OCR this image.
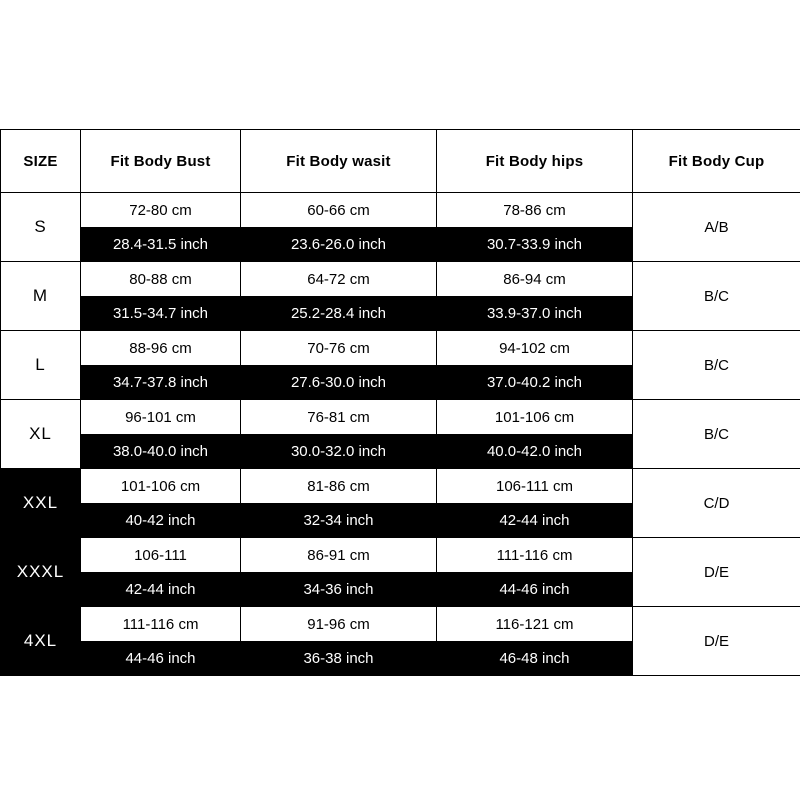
SIZE	Fit Body Bust	Fit Body wasit	Fit Body hips	Fit Body Cup
S	72-80 cm	60-66 cm	78-86 cm	A/B
	28.4-31.5 inch	23.6-26.0 inch	30.7-33.9 inch	
M	80-88 cm	64-72 cm	86-94 cm	B/C
	31.5-34.7 inch	25.2-28.4 inch	33.9-37.0 inch	
L	88-96 cm	70-76 cm	94-102 cm	B/C
	34.7-37.8 inch	27.6-30.0 inch	37.0-40.2 inch	
XL	96-101 cm	76-81 cm	101-106 cm	B/C
	38.0-40.0 inch	30.0-32.0 inch	40.0-42.0 inch	
XXL	101-106 cm	81-86 cm	106-111 cm	C/D
	40-42 inch	32-34 inch	42-44 inch	
XXXL	106-111	86-91 cm	111-116 cm	D/E
	42-44 inch	34-36 inch	44-46 inch	
4XL	111-116 cm	91-96 cm	116-121 cm	D/E
	44-46 inch	36-38 inch	46-48 inch	
